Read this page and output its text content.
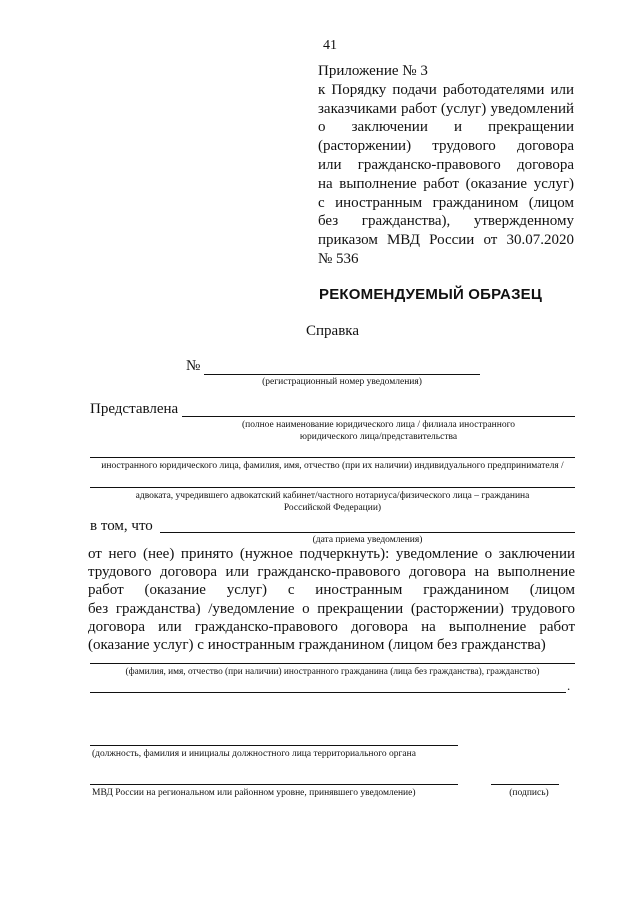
41
Приложение № 3
к Порядку подачи работодателями или
заказчиками работ (услуг) уведомлений
о заключении и прекращении
(расторжении) трудового договора
или гражданско-правового договора
на выполнение работ (оказание услуг)
с иностранным гражданином (лицом
без гражданства), утвержденному
приказом МВД России от 30.07.2020
№ 536
РЕКОМЕНДУЕМЫЙ ОБРАЗЕЦ
Справка
№
(регистрационный номер уведомления)
Представлена
(полное наименование юридического лица / филиала иностранного
юридического лица/представительства
иностранного юридического лица, фамилия, имя, отчество (при их наличии) индивидуального предпринимателя /
адвоката, учредившего адвокатский кабинет/частного нотариуса/физического лица – гражданина
Российской Федерации)
в том, что
(дата приема уведомления)
от него (нее) принято (нужное подчеркнуть): уведомление о заключении
трудового договора или гражданско-правового договора на выполнение
работ (оказание услуг) с иностранным гражданином (лицом
без гражданства) /уведомление о прекращении (расторжении) трудового
договора или гражданско-правового договора на выполнение работ
(оказание услуг) с иностранным гражданином (лицом без гражданства)
(фамилия, имя, отчество (при наличии) иностранного гражданина (лица без гражданства), гражданство)
.
(должность, фамилия и инициалы должностного лица территориального органа
МВД России на региональном или районном уровне, принявшего уведомление)	(подпись)
